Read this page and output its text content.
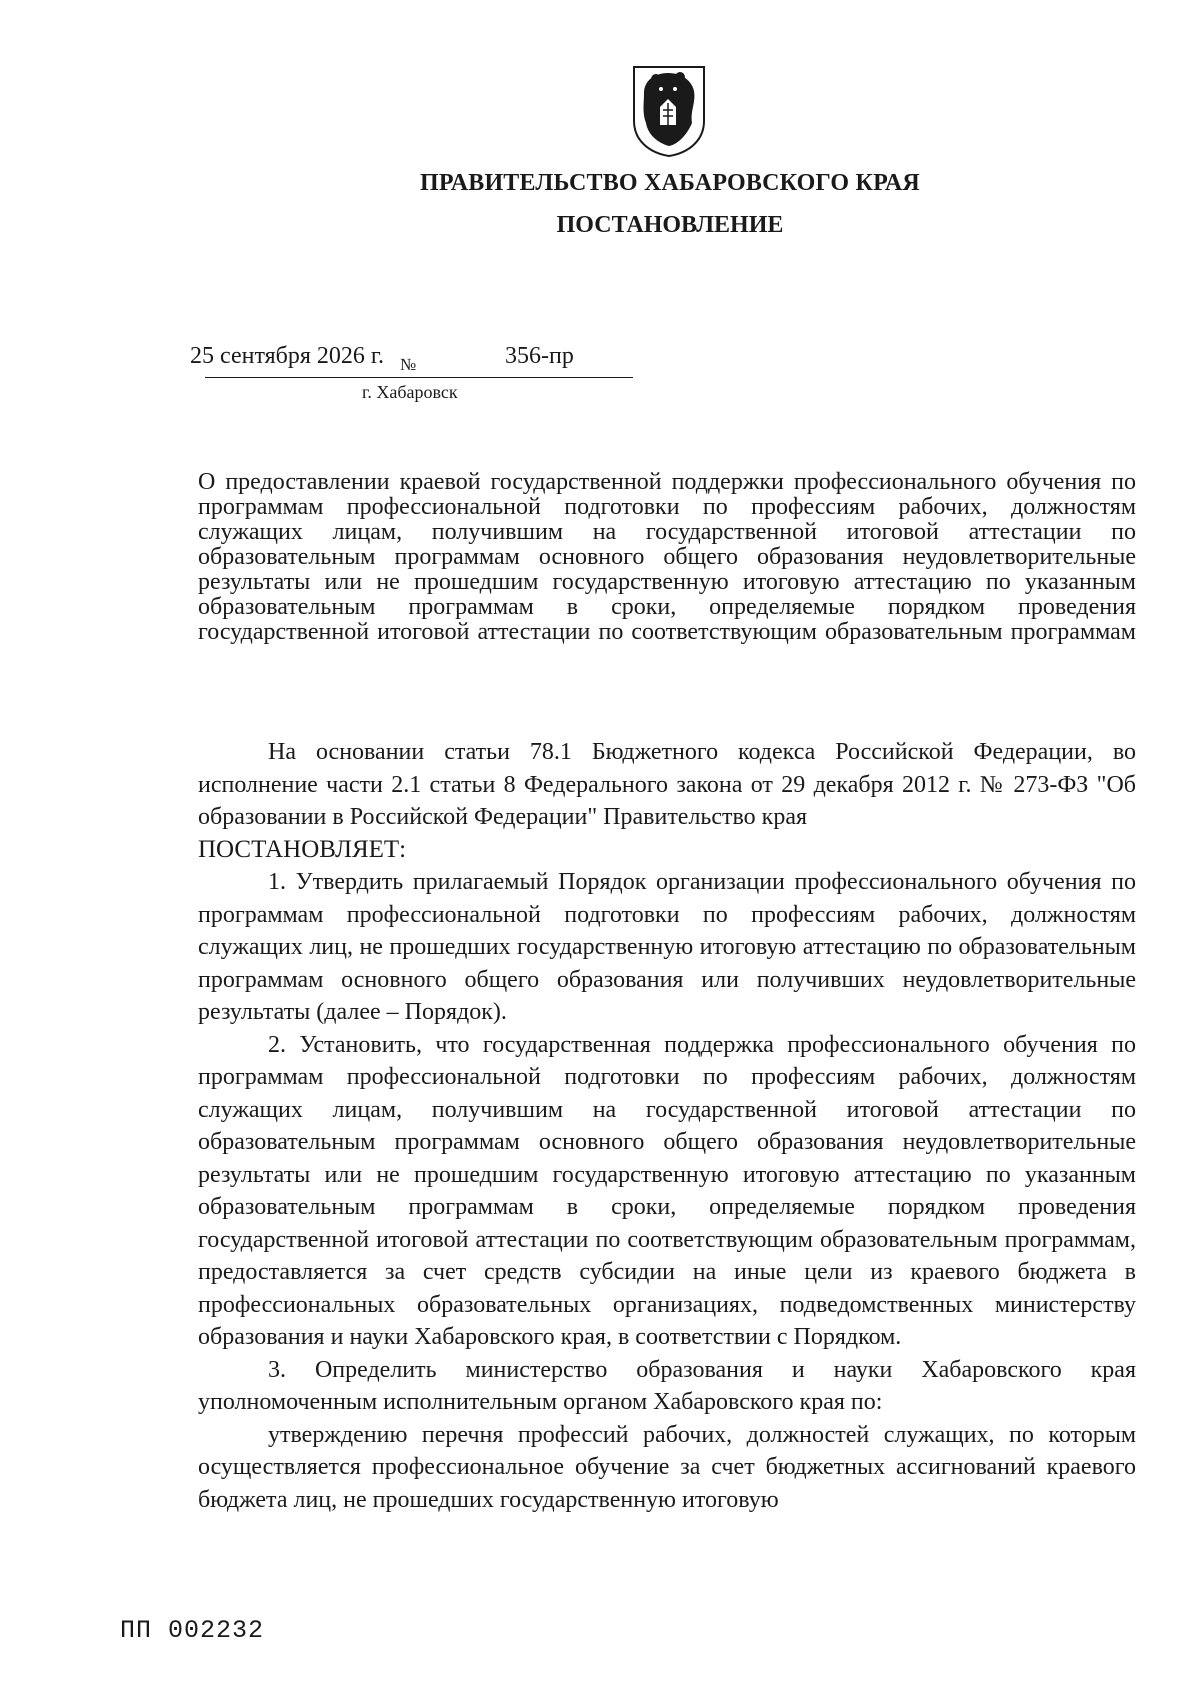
ПРАВИТЕЛЬСТВО ХАБАРОВСКОГО КРАЯ
ПОСТАНОВЛЕНИЕ
25 сентября 2026 г. №	356-пр
г. Хабаровск
О предоставлении краевой государственной поддержки профессионального обучения по программам профессиональной подготовки по профессиям рабочих, должностям служащих лицам, получившим на государственной итоговой аттестации по образовательным программам основного общего образования неудовлетворительные результаты или не прошедшим государственную итоговую аттестацию по указанным образовательным программам в сроки, определяемые порядком проведения государственной итоговой аттестации по соответствующим образовательным программам

На основании статьи 78.1 Бюджетного кодекса Российской Федерации, во исполнение части 2.1 статьи 8 Федерального закона от 29 декабря 2012 г. № 273-ФЗ "Об образовании в Российской Федерации" Правительство края

ПОСТАНОВЛЯЕТ:

1. Утвердить прилагаемый Порядок организации профессионального обучения по программам профессиональной подготовки по профессиям рабочих, должностям служащих лиц, не прошедших государственную итоговую аттестацию по образовательным программам основного общего образования или получивших неудовлетворительные результаты (далее – Порядок).

2. Установить, что государственная поддержка профессионального обучения по программам профессиональной подготовки по профессиям рабочих, должностям служащих лицам, получившим на государственной итоговой аттестации по образовательным программам основного общего образования неудовлетворительные результаты или не прошедшим государственную итоговую аттестацию по указанным образовательным программам в сроки, определяемые порядком проведения государственной итоговой аттестации по соответствующим образовательным программам, предоставляется за счет средств субсидии на иные цели из краевого бюджета в профессиональных образовательных организациях, подведомственных министерству образования и науки Хабаровского края, в соответствии с Порядком.

3. Определить министерство образования и науки Хабаровского края уполномоченным исполнительным органом Хабаровского края по:

утверждению перечня профессий рабочих, должностей служащих, по которым осуществляется профессиональное обучение за счет бюджетных ассигнований краевого бюджета лиц, не прошедших государственную итоговую

ПП 002232
